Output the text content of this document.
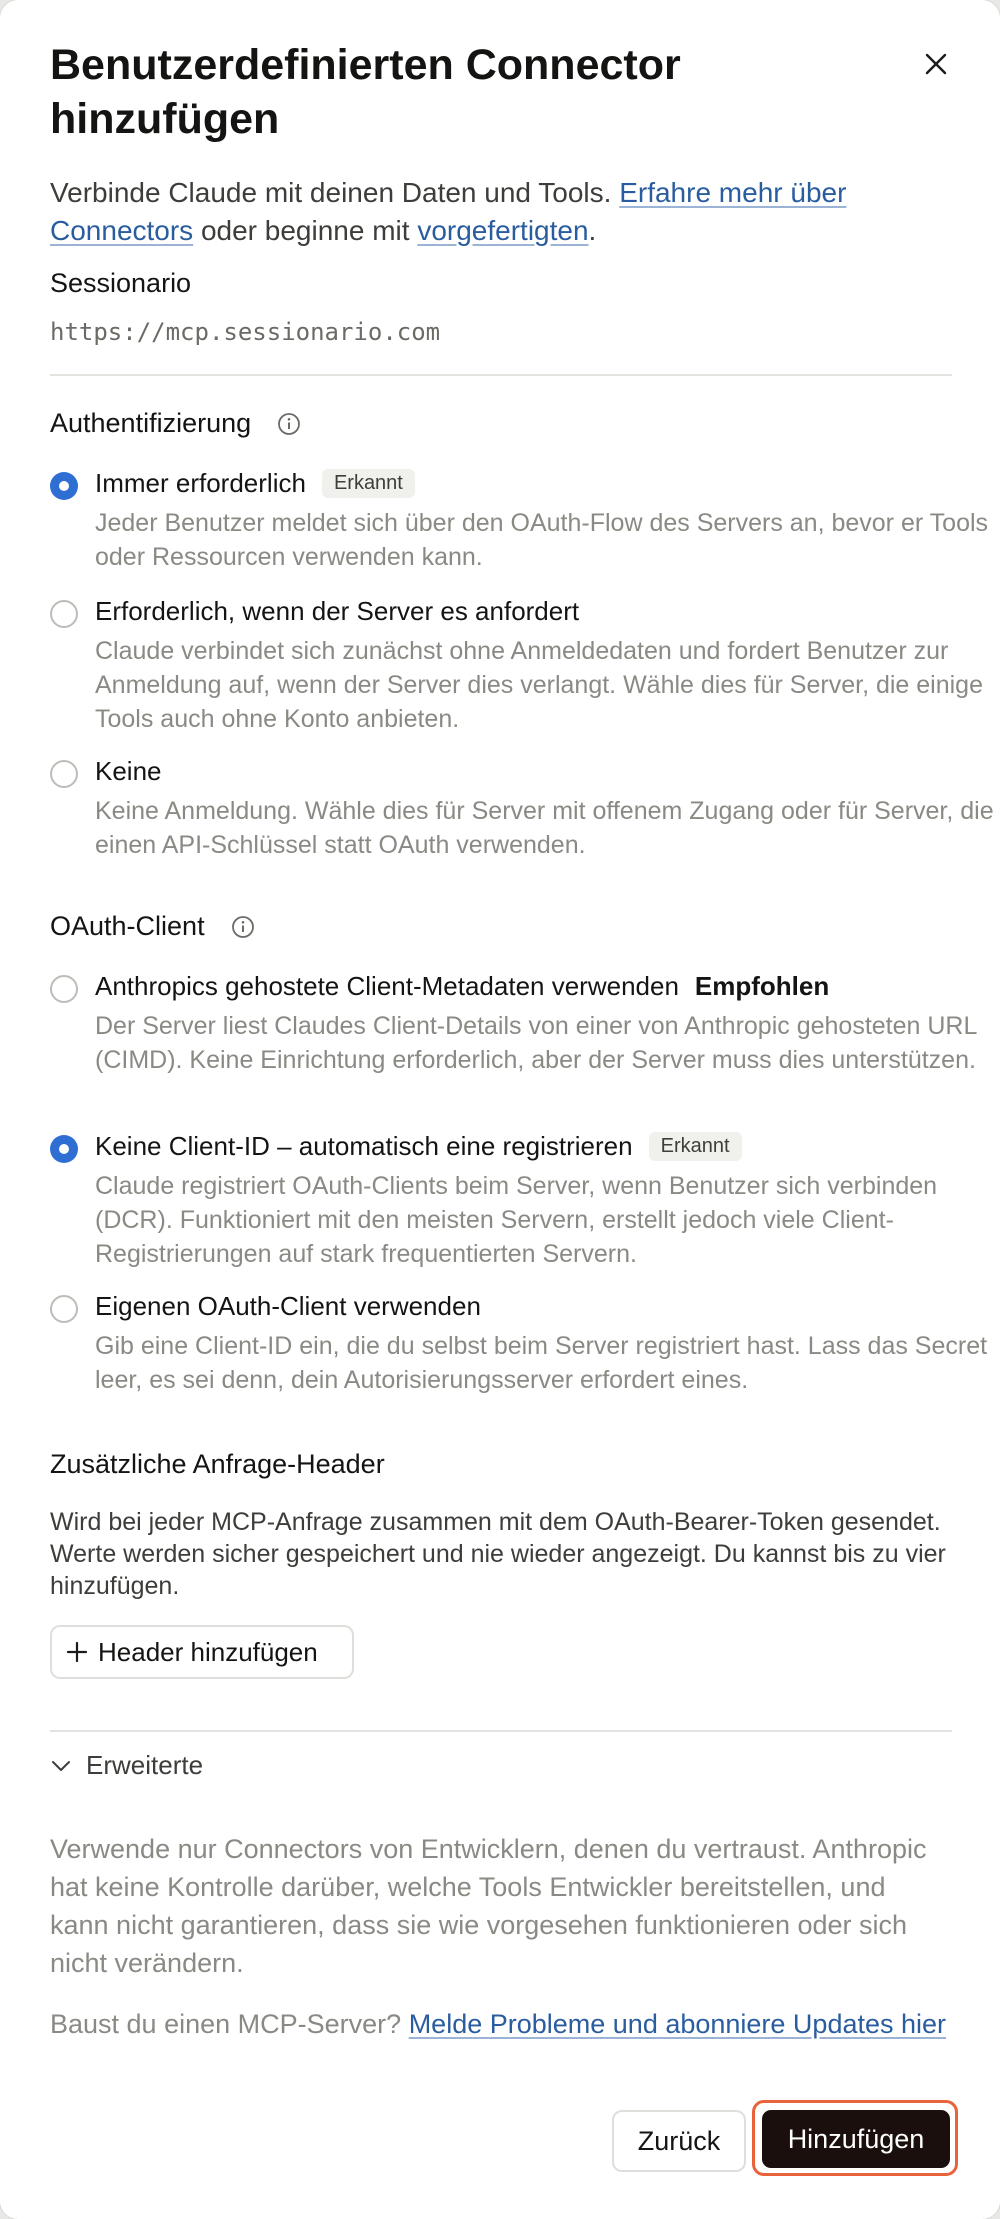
Benutzerdefinierten Connector hinzufügen
Verbinde Claude mit deinen Daten und Tools. Erfahre mehr über Connectors oder beginne mit vorgefertigten.
Sessionario
https://mcp.sessionario.com
Authentifizierung
Immer erforderlich	Erkannt
Jeder Benutzer meldet sich über den OAuth-Flow des Servers an, bevor er Tools oder Ressourcen verwenden kann.
Erforderlich, wenn der Server es anfordert
Claude verbindet sich zunächst ohne Anmeldedaten und fordert Benutzer zur Anmeldung auf, wenn der Server dies verlangt. Wähle dies für Server, die einige Tools auch ohne Konto anbieten.
Keine
Keine Anmeldung. Wähle dies für Server mit offenem Zugang oder für Server, die einen API-Schlüssel statt OAuth verwenden.
OAuth-Client
Anthropics gehostete Client-Metadaten verwenden Empfohlen
Der Server liest Claudes Client-Details von einer von Anthropic gehosteten URL (CIMD). Keine Einrichtung erforderlich, aber der Server muss dies unterstützen.
Keine Client-ID – automatisch eine registrieren	Erkannt
Claude registriert OAuth-Clients beim Server, wenn Benutzer sich verbinden (DCR). Funktioniert mit den meisten Servern, erstellt jedoch viele Client-Registrierungen auf stark frequentierten Servern.
Eigenen OAuth-Client verwenden
Gib eine Client-ID ein, die du selbst beim Server registriert hast. Lass das Secret leer, es sei denn, dein Autorisierungsserver erfordert eines.
Zusätzliche Anfrage-Header
Wird bei jeder MCP-Anfrage zusammen mit dem OAuth-Bearer-Token gesendet. Werte werden sicher gespeichert und nie wieder angezeigt. Du kannst bis zu vier hinzufügen.
Header hinzufügen
Erweiterte
Verwende nur Connectors von Entwicklern, denen du vertraust. Anthropic hat keine Kontrolle darüber, welche Tools Entwickler bereitstellen, und kann nicht garantieren, dass sie wie vorgesehen funktionieren oder sich nicht verändern.
Baust du einen MCP-Server? Melde Probleme und abonniere Updates hier
Zurück	Hinzufügen
